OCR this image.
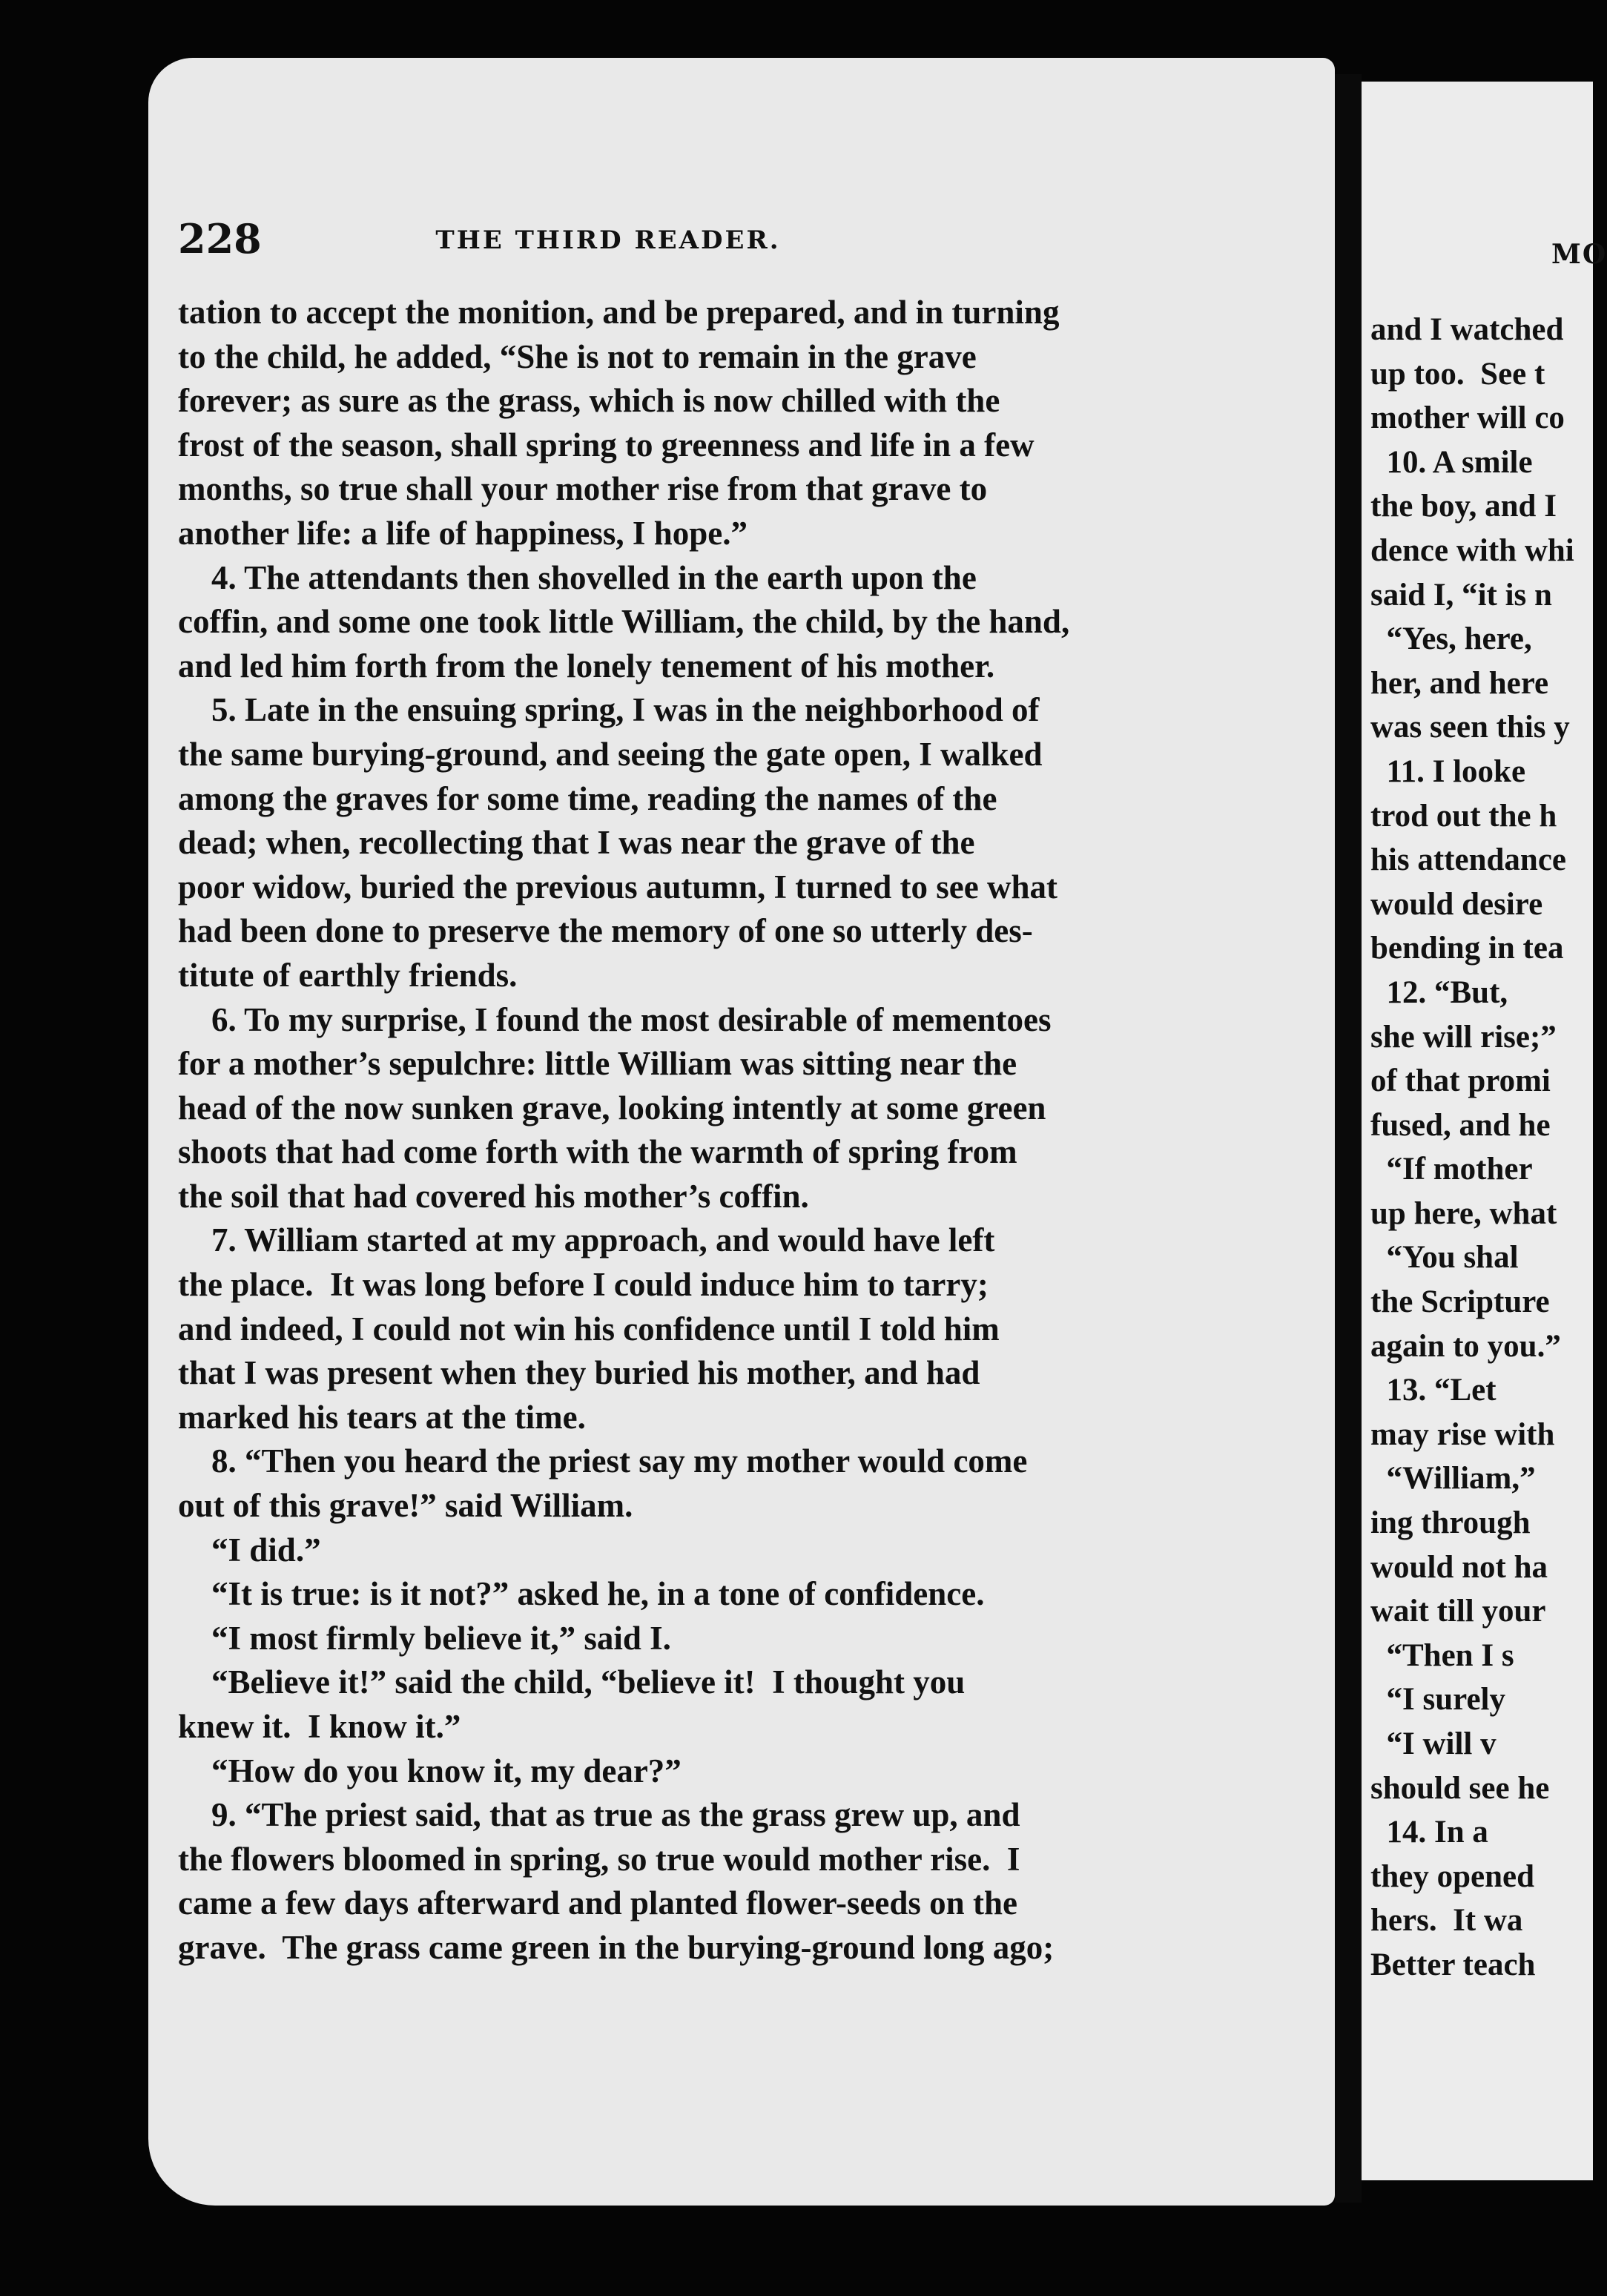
MO
and I watched
up too.  See t
mother will co
10. A smile
the boy, and I
dence with whi
said I, “it is n
“Yes, here,
her, and here
was seen this y
11. I looke
trod out the h
his attendance
would desire
bending in tea
12. “But,
she will rise;”
of that promi
fused, and he
“If mother
up here, what
“You shal
the Scripture
again to you.”
13. “Let
may rise with
“William,”
ing through
would not ha
wait till your
“Then I s
“I surely
“I will v
should see he
14. In a
they opened
hers.  It wa
Better teach
228	THE THIRD READER.
tation to accept the monition, and be prepared, and in turning
to the child, he added, “She is not to remain in the grave
forever; as sure as the grass, which is now chilled with the
frost of the season, shall spring to greenness and life in a few
months, so true shall your mother rise from that grave to
another life: a life of happiness, I hope.”
4. The attendants then shovelled in the earth upon the
coffin, and some one took little William, the child, by the hand,
and led him forth from the lonely tenement of his mother.
5. Late in the ensuing spring, I was in the neighborhood of
the same burying-ground, and seeing the gate open, I walked
among the graves for some time, reading the names of the
dead; when, recollecting that I was near the grave of the
poor widow, buried the previous autumn, I turned to see what
had been done to preserve the memory of one so utterly des-
titute of earthly friends.
6. To my surprise, I found the most desirable of mementoes
for a mother’s sepulchre: little William was sitting near the
head of the now sunken grave, looking intently at some green
shoots that had come forth with the warmth of spring from
the soil that had covered his mother’s coffin.
7. William started at my approach, and would have left
the place.  It was long before I could induce him to tarry;
and indeed, I could not win his confidence until I told him
that I was present when they buried his mother, and had
marked his tears at the time.
8. “Then you heard the priest say my mother would come
out of this grave!” said William.
“I did.”
“It is true: is it not?” asked he, in a tone of confidence.
“I most firmly believe it,” said I.
“Believe it!” said the child, “believe it!  I thought you
knew it.  I know it.”
“How do you know it, my dear?”
9. “The priest said, that as true as the grass grew up, and
the flowers bloomed in spring, so true would mother rise.  I
came a few days afterward and planted flower-seeds on the
grave.  The grass came green in the burying-ground long ago;
